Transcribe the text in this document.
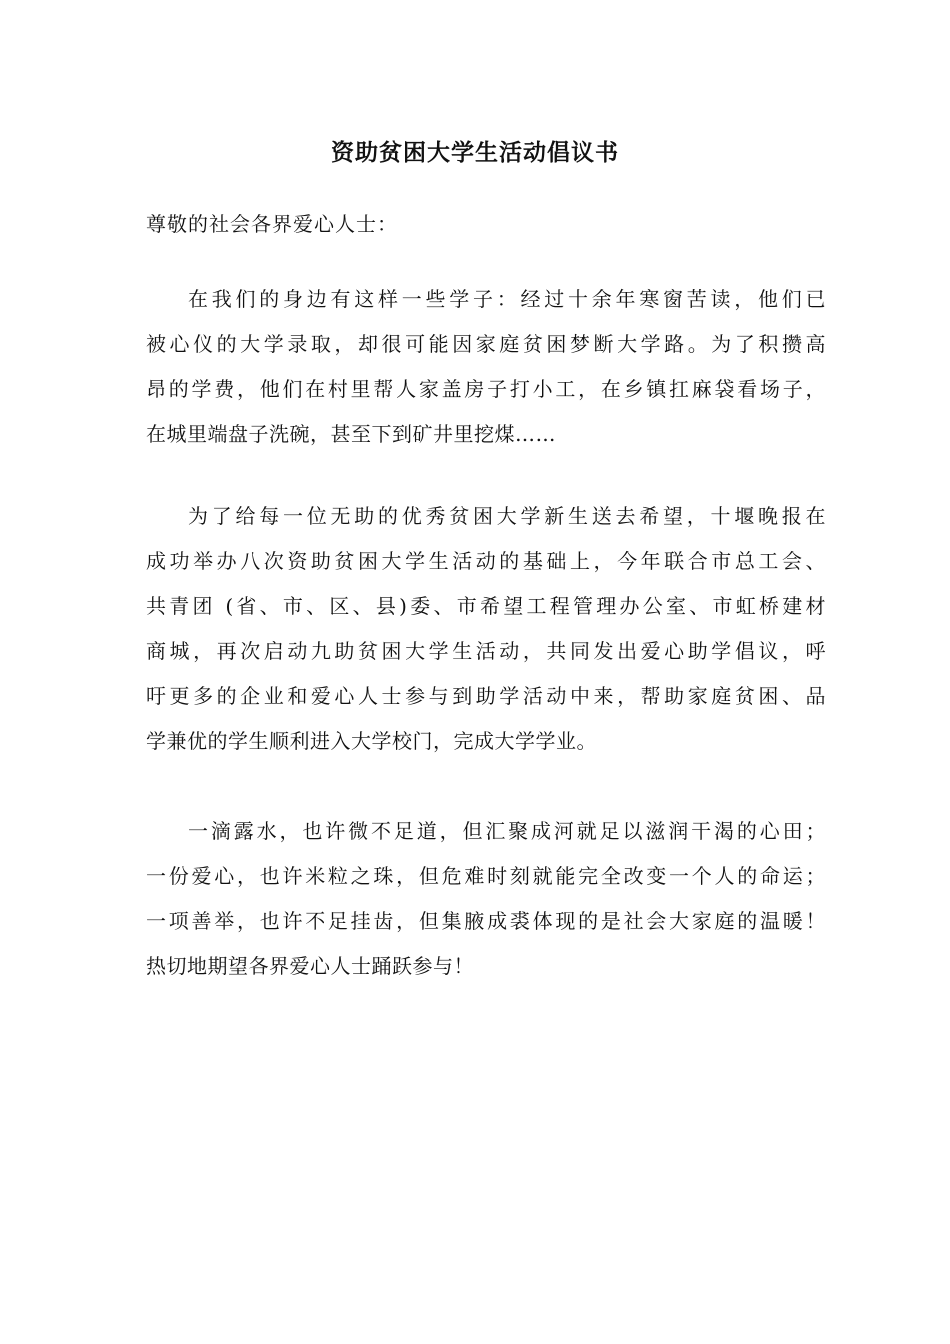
资助贫困大学生活动倡议书

尊敬的社会各界爱心人士：

在我们的身边有这样一些学子：经过十余年寒窗苦读，他们已
被心仪的大学录取，却很可能因家庭贫困梦断大学路。为了积攒高
昂的学费，他们在村里帮人家盖房子打小工，在乡镇扛麻袋看场子，
在城里端盘子洗碗，甚至下到矿井里挖煤……
为了给每一位无助的优秀贫困大学新生送去希望，十堰晚报在
成功举办八次资助贫困大学生活动的基础上，今年联合市总工会、
共青团 (省、市、区、县)委、市希望工程管理办公室、市虹桥建材
商城，再次启动九助贫困大学生活动，共同发出爱心助学倡议，呼
吁更多的企业和爱心人士参与到助学活动中来，帮助家庭贫困、品
学兼优的学生顺利进入大学校门，完成大学学业。
一滴露水，也许微不足道，但汇聚成河就足以滋润干渴的心田；
一份爱心，也许米粒之珠，但危难时刻就能完全改变一个人的命运；
一项善举，也许不足挂齿，但集腋成裘体现的是社会大家庭的温暖！
热切地期望各界爱心人士踊跃参与！
